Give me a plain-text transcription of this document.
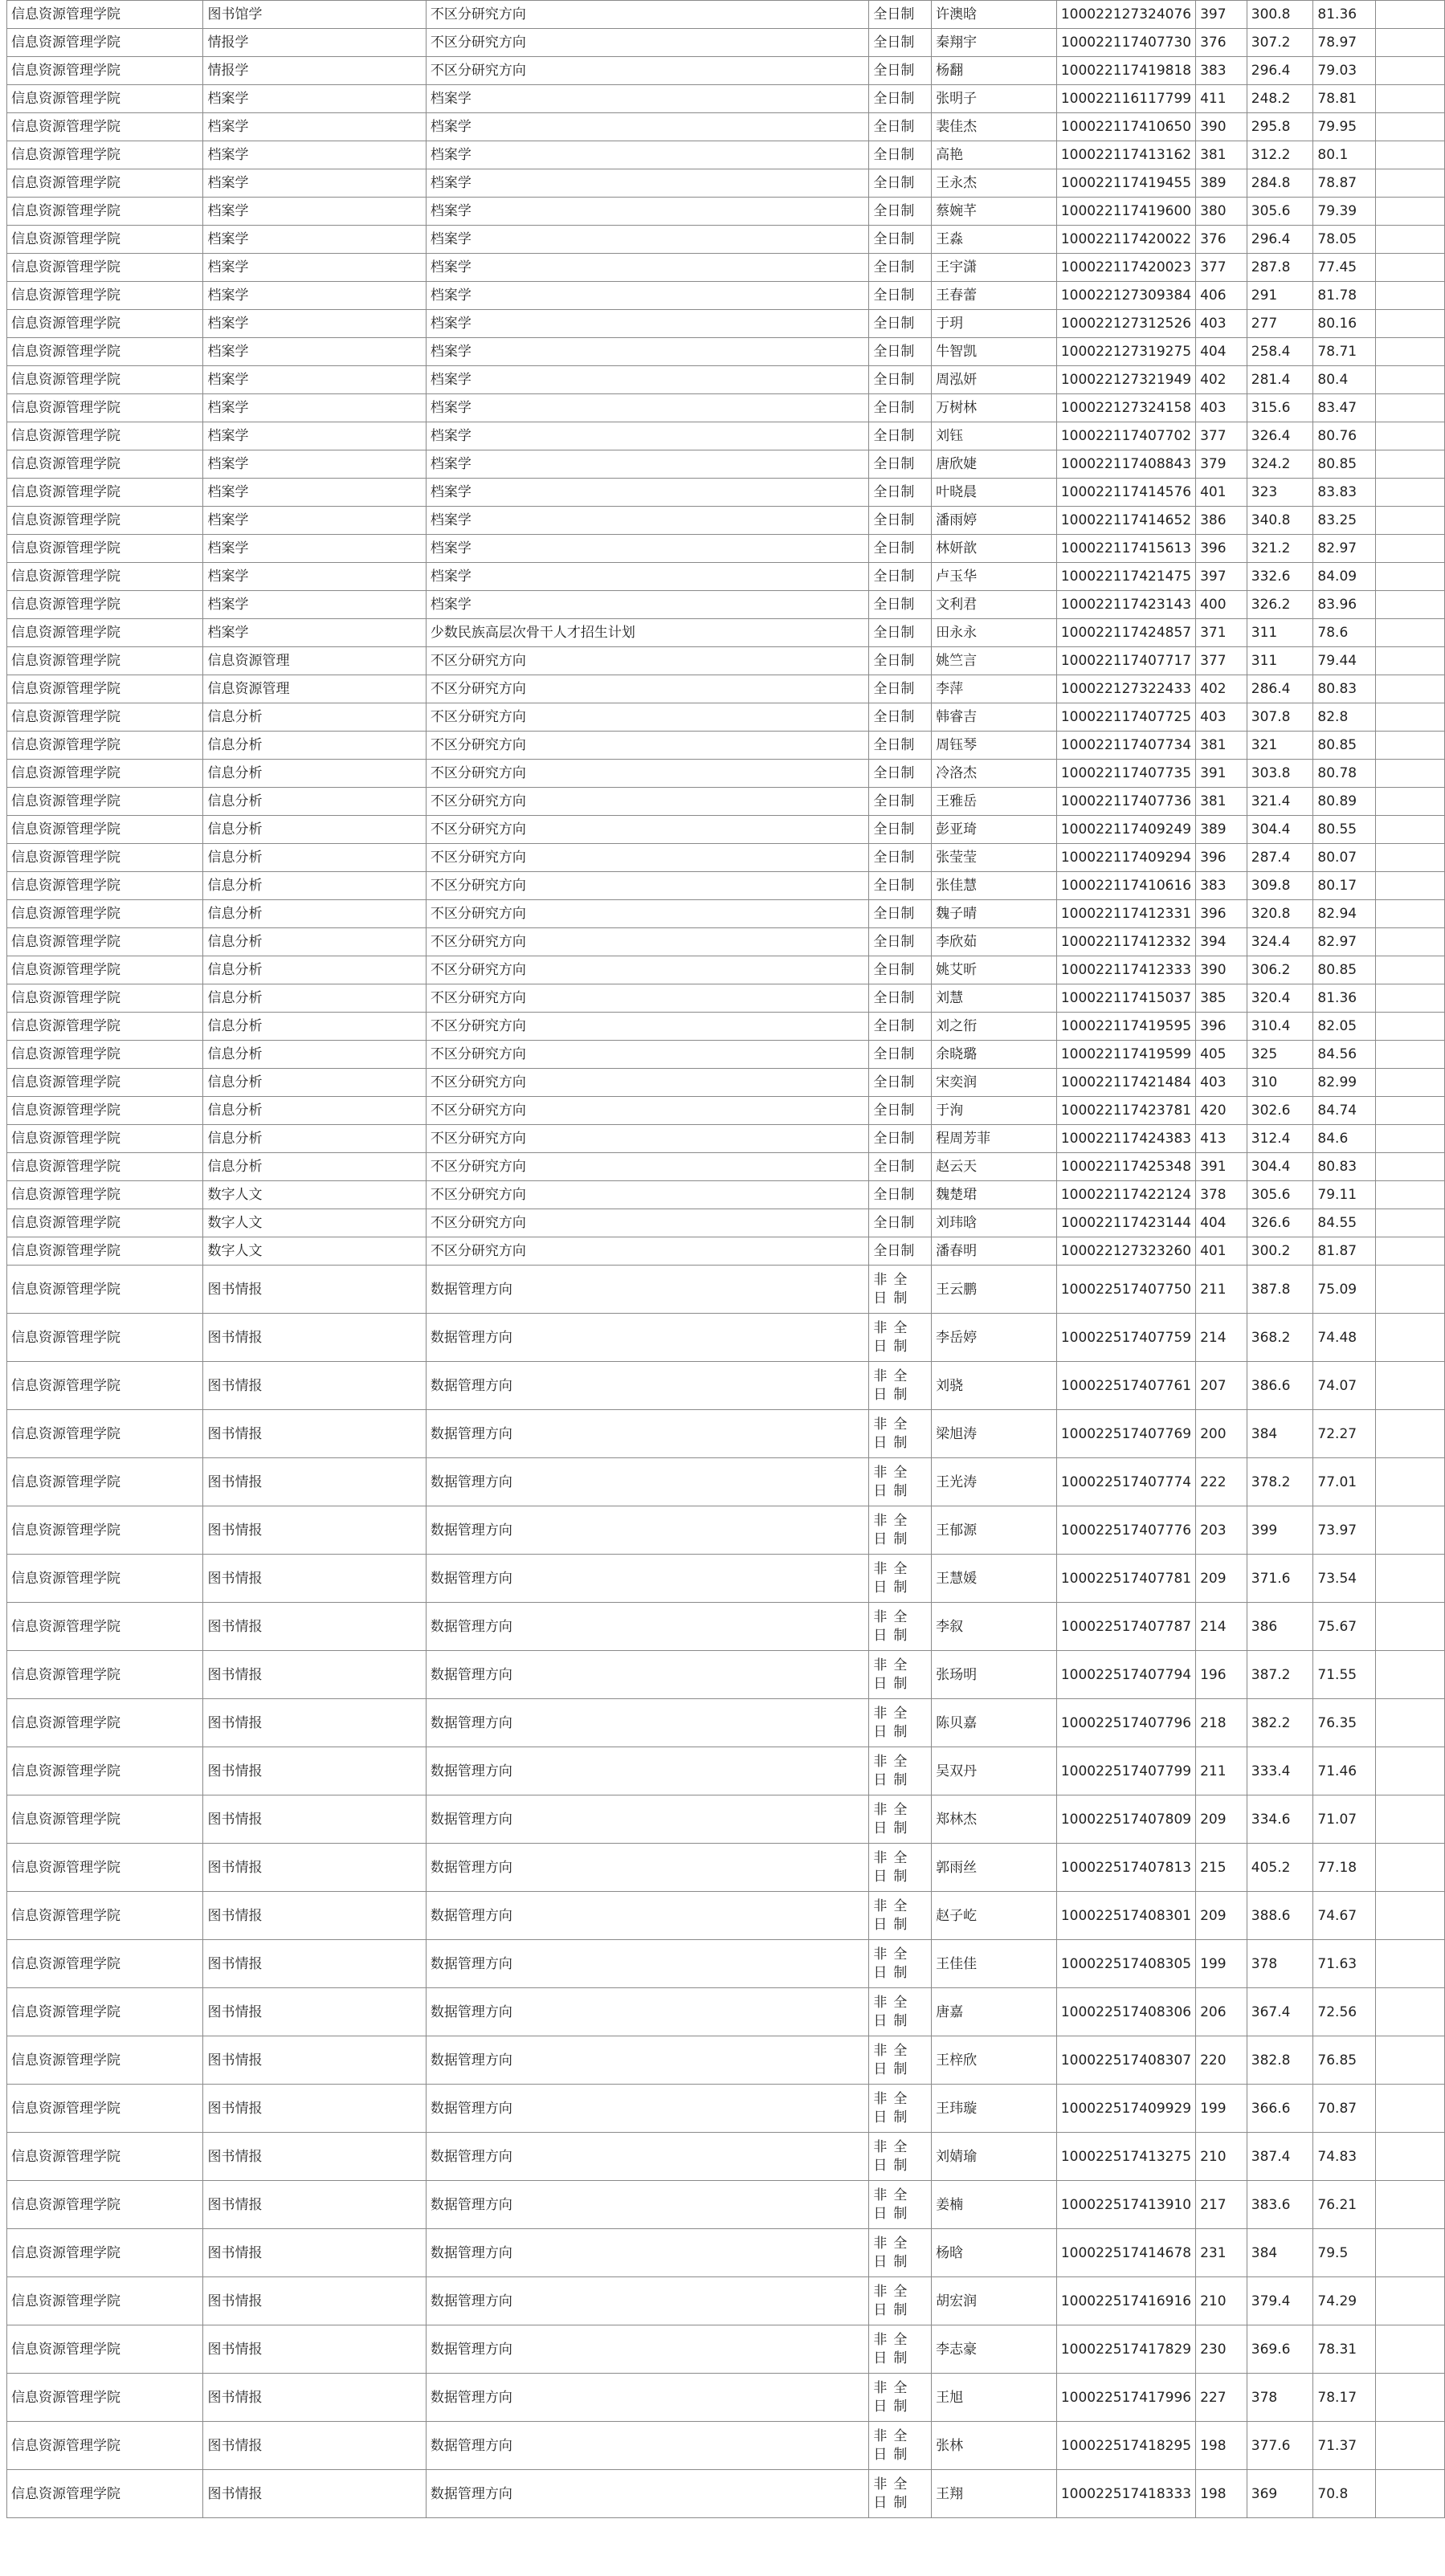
信息资源管理学院	图书馆学	不区分研究方向	全日制	许澳晗	100022127324076	397	300.8	81.36	
信息资源管理学院	情报学	不区分研究方向	全日制	秦翔宇	100022117407730	376	307.2	78.97	
信息资源管理学院	情报学	不区分研究方向	全日制	杨翻	100022117419818	383	296.4	79.03	
信息资源管理学院	档案学	档案学	全日制	张明子	100022116117799	411	248.2	78.81	
信息资源管理学院	档案学	档案学	全日制	裴佳杰	100022117410650	390	295.8	79.95	
信息资源管理学院	档案学	档案学	全日制	高艳	100022117413162	381	312.2	80.1	
信息资源管理学院	档案学	档案学	全日制	王永杰	100022117419455	389	284.8	78.87	
信息资源管理学院	档案学	档案学	全日制	蔡婉芊	100022117419600	380	305.6	79.39	
信息资源管理学院	档案学	档案学	全日制	王淼	100022117420022	376	296.4	78.05	
信息资源管理学院	档案学	档案学	全日制	王宇潇	100022117420023	377	287.8	77.45	
信息资源管理学院	档案学	档案学	全日制	王春蕾	100022127309384	406	291	81.78	
信息资源管理学院	档案学	档案学	全日制	于玥	100022127312526	403	277	80.16	
信息资源管理学院	档案学	档案学	全日制	牛智凯	100022127319275	404	258.4	78.71	
信息资源管理学院	档案学	档案学	全日制	周泓妍	100022127321949	402	281.4	80.4	
信息资源管理学院	档案学	档案学	全日制	万树林	100022127324158	403	315.6	83.47	
信息资源管理学院	档案学	档案学	全日制	刘钰	100022117407702	377	326.4	80.76	
信息资源管理学院	档案学	档案学	全日制	唐欣婕	100022117408843	379	324.2	80.85	
信息资源管理学院	档案学	档案学	全日制	叶晓晨	100022117414576	401	323	83.83	
信息资源管理学院	档案学	档案学	全日制	潘雨婷	100022117414652	386	340.8	83.25	
信息资源管理学院	档案学	档案学	全日制	林妍歆	100022117415613	396	321.2	82.97	
信息资源管理学院	档案学	档案学	全日制	卢玉华	100022117421475	397	332.6	84.09	
信息资源管理学院	档案学	档案学	全日制	文利君	100022117423143	400	326.2	83.96	
信息资源管理学院	档案学	少数民族高层次骨干人才招生计划	全日制	田永永	100022117424857	371	311	78.6	
信息资源管理学院	信息资源管理	不区分研究方向	全日制	姚竺言	100022117407717	377	311	79.44	
信息资源管理学院	信息资源管理	不区分研究方向	全日制	李萍	100022127322433	402	286.4	80.83	
信息资源管理学院	信息分析	不区分研究方向	全日制	韩睿吉	100022117407725	403	307.8	82.8	
信息资源管理学院	信息分析	不区分研究方向	全日制	周钰琴	100022117407734	381	321	80.85	
信息资源管理学院	信息分析	不区分研究方向	全日制	冷洛杰	100022117407735	391	303.8	80.78	
信息资源管理学院	信息分析	不区分研究方向	全日制	王雅岳	100022117407736	381	321.4	80.89	
信息资源管理学院	信息分析	不区分研究方向	全日制	彭亚琦	100022117409249	389	304.4	80.55	
信息资源管理学院	信息分析	不区分研究方向	全日制	张莹莹	100022117409294	396	287.4	80.07	
信息资源管理学院	信息分析	不区分研究方向	全日制	张佳慧	100022117410616	383	309.8	80.17	
信息资源管理学院	信息分析	不区分研究方向	全日制	魏子晴	100022117412331	396	320.8	82.94	
信息资源管理学院	信息分析	不区分研究方向	全日制	李欣茹	100022117412332	394	324.4	82.97	
信息资源管理学院	信息分析	不区分研究方向	全日制	姚艾昕	100022117412333	390	306.2	80.85	
信息资源管理学院	信息分析	不区分研究方向	全日制	刘慧	100022117415037	385	320.4	81.36	
信息资源管理学院	信息分析	不区分研究方向	全日制	刘之衎	100022117419595	396	310.4	82.05	
信息资源管理学院	信息分析	不区分研究方向	全日制	余晓璐	100022117419599	405	325	84.56	
信息资源管理学院	信息分析	不区分研究方向	全日制	宋奕润	100022117421484	403	310	82.99	
信息资源管理学院	信息分析	不区分研究方向	全日制	于洵	100022117423781	420	302.6	84.74	
信息资源管理学院	信息分析	不区分研究方向	全日制	程周芳菲	100022117424383	413	312.4	84.6	
信息资源管理学院	信息分析	不区分研究方向	全日制	赵云天	100022117425348	391	304.4	80.83	
信息资源管理学院	数字人文	不区分研究方向	全日制	魏楚珺	100022117422124	378	305.6	79.11	
信息资源管理学院	数字人文	不区分研究方向	全日制	刘玮晗	100022117423144	404	326.6	84.55	
信息资源管理学院	数字人文	不区分研究方向	全日制	潘春明	100022127323260	401	300.2	81.87	
信息资源管理学院	图书情报	数据管理方向	非全日制	王云鹏	100022517407750	211	387.8	75.09	
信息资源管理学院	图书情报	数据管理方向	非全日制	李岳婷	100022517407759	214	368.2	74.48	
信息资源管理学院	图书情报	数据管理方向	非全日制	刘骁	100022517407761	207	386.6	74.07	
信息资源管理学院	图书情报	数据管理方向	非全日制	梁旭涛	100022517407769	200	384	72.27	
信息资源管理学院	图书情报	数据管理方向	非全日制	王光涛	100022517407774	222	378.2	77.01	
信息资源管理学院	图书情报	数据管理方向	非全日制	王郁源	100022517407776	203	399	73.97	
信息资源管理学院	图书情报	数据管理方向	非全日制	王慧媛	100022517407781	209	371.6	73.54	
信息资源管理学院	图书情报	数据管理方向	非全日制	李叙	100022517407787	214	386	75.67	
信息资源管理学院	图书情报	数据管理方向	非全日制	张玚明	100022517407794	196	387.2	71.55	
信息资源管理学院	图书情报	数据管理方向	非全日制	陈贝嘉	100022517407796	218	382.2	76.35	
信息资源管理学院	图书情报	数据管理方向	非全日制	吴双丹	100022517407799	211	333.4	71.46	
信息资源管理学院	图书情报	数据管理方向	非全日制	郑林杰	100022517407809	209	334.6	71.07	
信息资源管理学院	图书情报	数据管理方向	非全日制	郭雨丝	100022517407813	215	405.2	77.18	
信息资源管理学院	图书情报	数据管理方向	非全日制	赵子屹	100022517408301	209	388.6	74.67	
信息资源管理学院	图书情报	数据管理方向	非全日制	王佳佳	100022517408305	199	378	71.63	
信息资源管理学院	图书情报	数据管理方向	非全日制	唐嘉	100022517408306	206	367.4	72.56	
信息资源管理学院	图书情报	数据管理方向	非全日制	王梓欣	100022517408307	220	382.8	76.85	
信息资源管理学院	图书情报	数据管理方向	非全日制	王玮璇	100022517409929	199	366.6	70.87	
信息资源管理学院	图书情报	数据管理方向	非全日制	刘婧瑜	100022517413275	210	387.4	74.83	
信息资源管理学院	图书情报	数据管理方向	非全日制	姜楠	100022517413910	217	383.6	76.21	
信息资源管理学院	图书情报	数据管理方向	非全日制	杨晗	100022517414678	231	384	79.5	
信息资源管理学院	图书情报	数据管理方向	非全日制	胡宏润	100022517416916	210	379.4	74.29	
信息资源管理学院	图书情报	数据管理方向	非全日制	李志豪	100022517417829	230	369.6	78.31	
信息资源管理学院	图书情报	数据管理方向	非全日制	王旭	100022517417996	227	378	78.17	
信息资源管理学院	图书情报	数据管理方向	非全日制	张林	100022517418295	198	377.6	71.37	
信息资源管理学院	图书情报	数据管理方向	非全日制	王翔	100022517418333	198	369	70.8	
